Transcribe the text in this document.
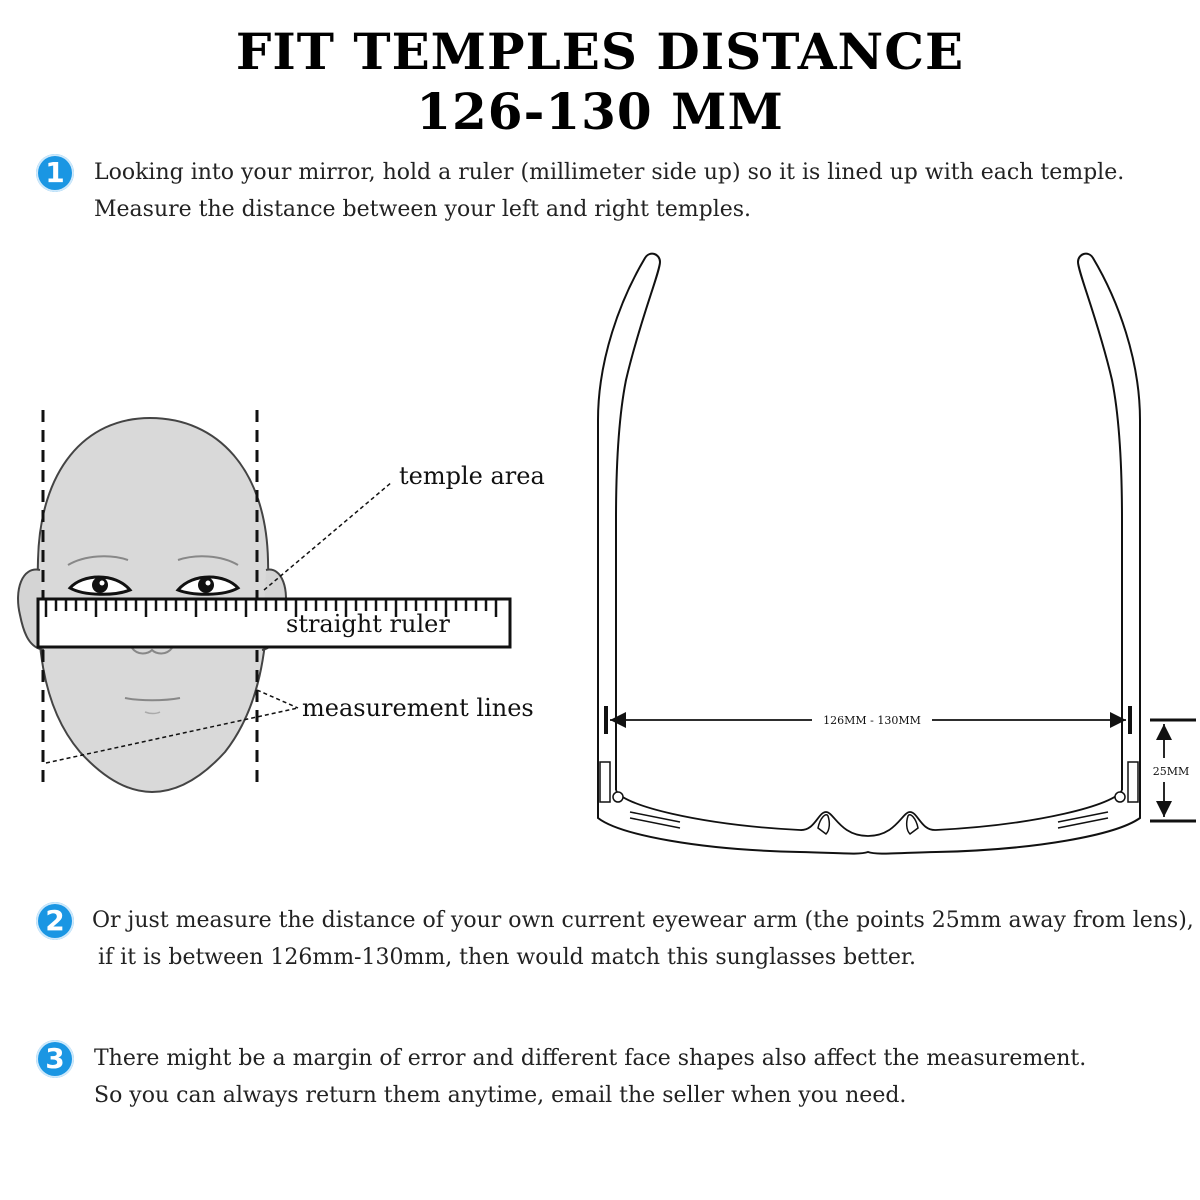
FIT TEMPLES DISTANCE
126-130 MM
1	Looking into your mirror, hold a ruler (millimeter side up) so it is lined up with each temple.
Measure the distance between your left and right temples.
temple area
straight ruler
measurement lines	126MM - 130MM
25MM
2	Or just measure the distance of your own current eyewear arm (the points 25mm away from lens),
if it is between 126mm-130mm, then would match this sunglasses better.
3	There might be a margin of error and different face shapes also affect the measurement.
So you can always return them anytime, email the seller when you need.
